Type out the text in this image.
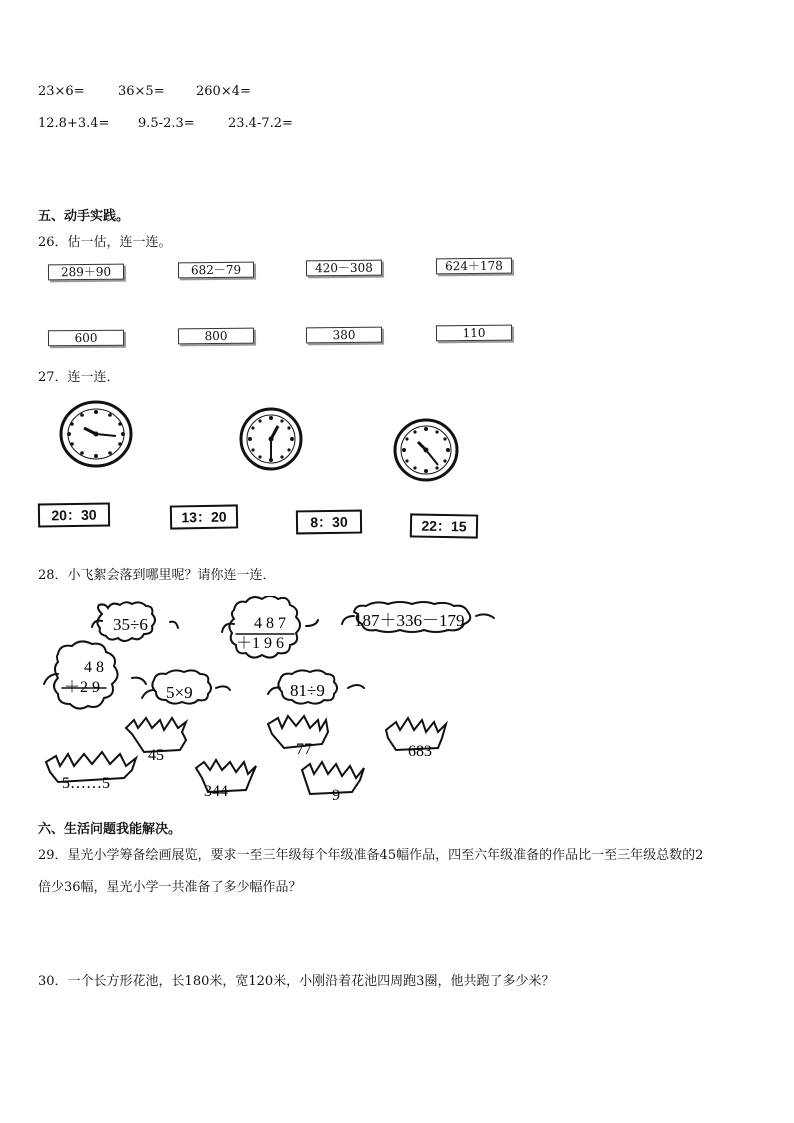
23×6=	36×5= 260×4=
12.8+3.4= 9.5-2.3=	23.4-7.2=
五、动手实践。
26．估一估，连一连。
289＋90	682－79	420－308	624＋178
600	800	380	110
27．连一连．
20：30	13：20	8：30	22：15
28．小飞絮会落到哪里呢？请你连一连．
35÷6	4 8 7
＋1 9 6
187＋336－179
4 8
＋2 9	5×9	81÷9
45	77	683
5……5	344	9
六、生活问题我能解决。
29．星光小学筹备绘画展览，要求一至三年级每个年级准备45幅作品，四至六年级准备的作品比一至三年级总数的2
倍少36幅，星光小学一共准备了多少幅作品？
30．一个长方形花池，长180米，宽120米，小刚沿着花池四周跑3圈，他共跑了多少米？
